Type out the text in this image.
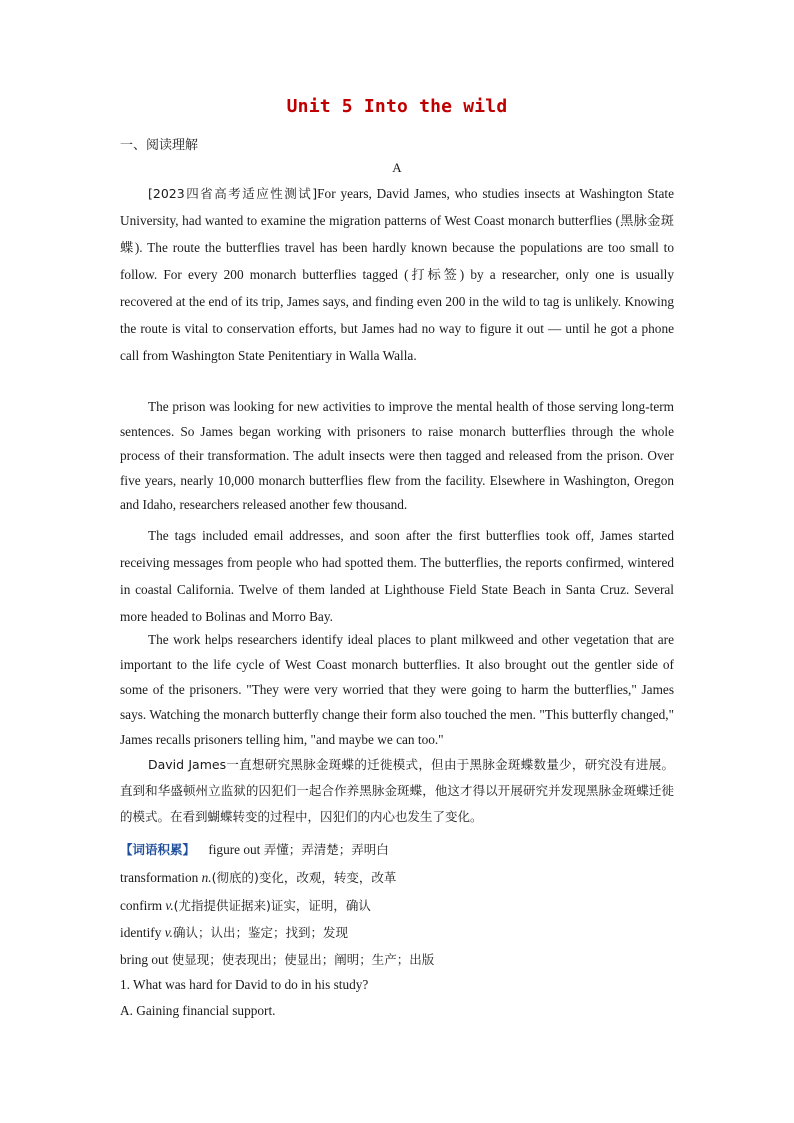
Unit 5 Into the wild
一、阅读理解
A

[2023四省高考适应性测试]For years, David James, who studies insects at Washington State University, had wanted to examine the migration patterns of West Coast monarch butterflies (黑脉金斑蝶). The route the butterflies travel has been hardly known because the populations are too small to follow. For every 200 monarch butterflies tagged (打标签) by a researcher, only one is usually recovered at the end of its trip, James says, and finding even 200 in the wild to tag is unlikely. Knowing the route is vital to conservation efforts, but James had no way to figure it out — until he got a phone call from Washington State Penitentiary in Walla Walla.

The prison was looking for new activities to improve the mental health of those serving long-term sentences. So James began working with prisoners to raise monarch butterflies through the whole process of their transformation. The adult insects were then tagged and released from the prison. Over five years, nearly 10,000 monarch butterflies flew from the facility. Elsewhere in Washington, Oregon and Idaho, researchers released another few thousand.

The tags included email addresses, and soon after the first butterflies took off, James started receiving messages from people who had spotted them. The butterflies, the reports confirmed, wintered in coastal California. Twelve of them landed at Lighthouse Field State Beach in Santa Cruz. Several more headed to Bolinas and Morro Bay.

The work helps researchers identify ideal places to plant milkweed and other vegetation that are important to the life cycle of West Coast monarch butterflies. It also brought out the gentler side of some of the prisoners. "They were very worried that they were going to harm the butterflies," James says. Watching the monarch butterfly change their form also touched the men. "This butterfly changed," James recalls prisoners telling him, "and maybe we can too."

David James一直想研究黑脉金斑蝶的迁徙模式，但由于黑脉金斑蝶数量少，研究没有进展。直到和华盛顿州立监狱的囚犯们一起合作养黑脉金斑蝶，他这才得以开展研究并发现黑脉金斑蝶迁徙的模式。在看到蝴蝶转变的过程中，囚犯们的内心也发生了变化。

【词语积累】 figure out 弄懂；弄清楚；弄明白
transformation n.(彻底的)变化，改观，转变，改革
confirm v.(尤指提供证据来)证实，证明，确认
identify v.确认；认出；鉴定；找到；发现
bring out 使显现；使表现出；使显出；阐明；生产；出版
1. What was hard for David to do in his study?
A. Gaining financial support.
